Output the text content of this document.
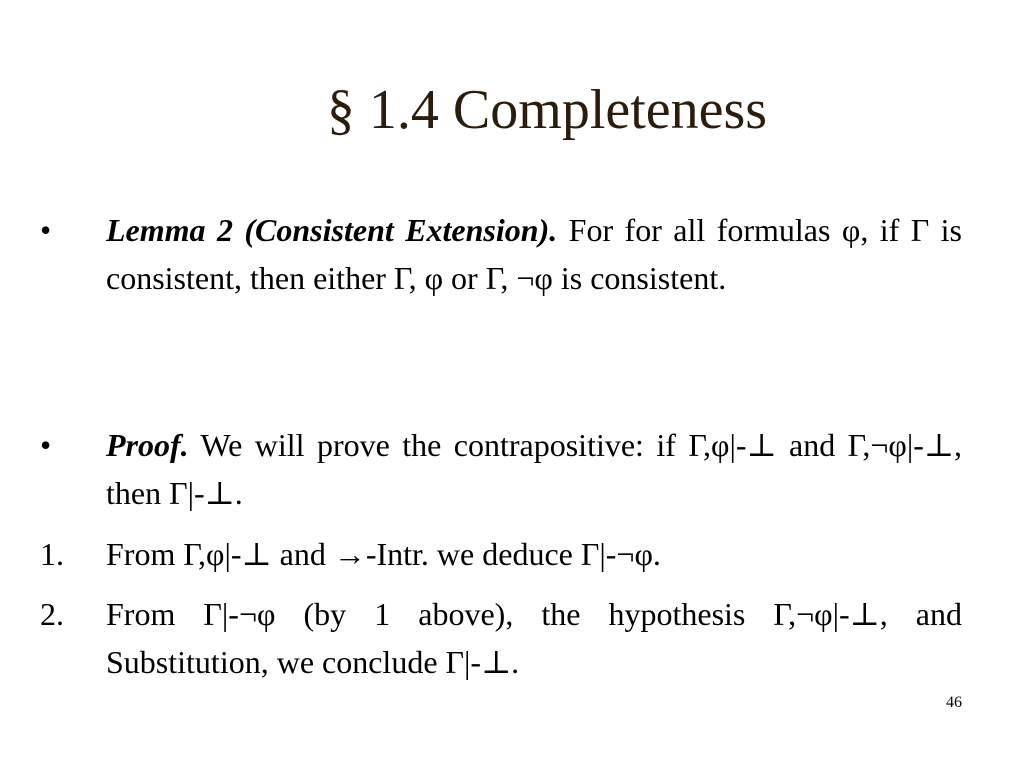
§ 1.4 Completeness
• Lemma 2 (Consistent Extension). For for all formulas φ, if Γ is consistent, then either Γ, φ or Γ, ¬φ is consistent.
• Proof. We will prove the contrapositive: if Γ,φ|-⊥ and Γ,¬φ|-⊥, then Γ|-⊥.
1. From Γ,φ|-⊥ and →-Intr. we deduce Γ|-¬φ.
2. From Γ|-¬φ (by 1 above), the hypothesis Γ,¬φ|-⊥, and Substitution, we conclude Γ|-⊥.
46
